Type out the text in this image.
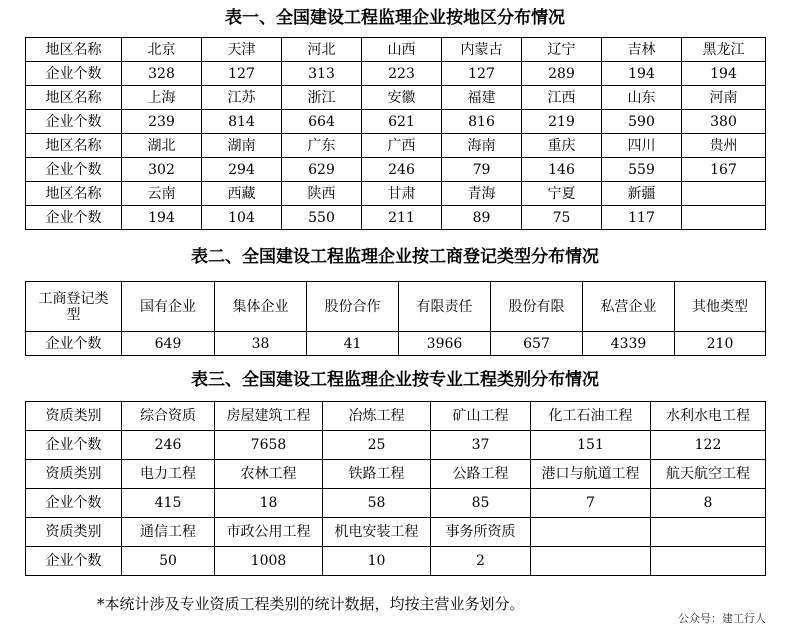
表一、全国建设工程监理企业按地区分布情况
地区名称	北京	天津	河北	山西	内蒙古	辽宁	吉林	黑龙江
企业个数	328	127	313	223	127	289	194	194
地区名称	上海	江苏	浙江	安徽	福建	江西	山东	河南
企业个数	239	814	664	621	816	219	590	380
地区名称	湖北	湖南	广东	广西	海南	重庆	四川	贵州
企业个数	302	294	629	246	79	146	559	167
地区名称	云南	西藏	陕西	甘肃	青海	宁夏	新疆	
企业个数	194	104	550	211	89	75	117	
表二、全国建设工程监理企业按工商登记类型分布情况
工商登记类型	国有企业	集体企业	股份合作	有限责任	股份有限	私营企业	其他类型
企业个数	649	38	41	3966	657	4339	210
表三、全国建设工程监理企业按专业工程类别分布情况
资质类别	综合资质	房屋建筑工程	冶炼工程	矿山工程	化工石油工程	水利水电工程
企业个数	246	7658	25	37	151	122
资质类别	电力工程	农林工程	铁路工程	公路工程	港口与航道工程	航天航空工程
企业个数	415	18	58	85	7	8
资质类别	通信工程	市政公用工程	机电安装工程	事务所资质		
企业个数	50	1008	10	2		
*本统计涉及专业资质工程类别的统计数据，均按主营业务划分。
公众号：建工行人
